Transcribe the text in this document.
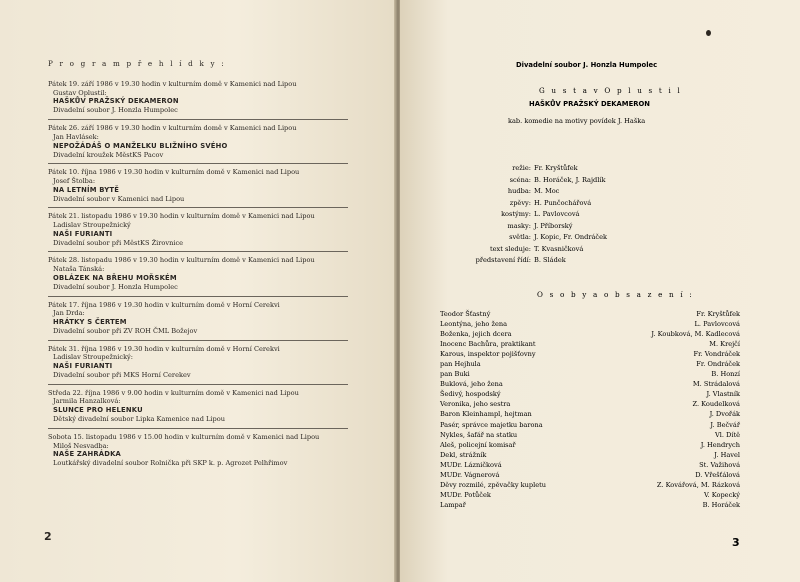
P r o g r a m p ř e h l í d k y :
Pátek 19. září 1986 v 19.30 hodin v kulturním domě v Kamenici nad Lipou
Gustav Oplustil:
HAŠKŮV PRAŽSKÝ DEKAMERON
Divadelní soubor J. Honzla Humpolec
Pátek 26. září 1986 v 19.30 hodin v kulturním domě v Kamenici nad Lipou
Jan Havlásek:
NEPOŽÁDÁŠ O MANŽELKU BLIŽNÍHO SVÉHO
Divadelní kroužek MěstKS Pacov
Pátek 10. října 1986 v 19.30 hodin v kulturním domě v Kamenici nad Lipou
Josef Štolba:
NA LETNÍM BYTĚ
Divadelní soubor v Kamenici nad Lipou
Pátek 21. listopadu 1986 v 19.30 hodin v kulturním domě v Kamenici nad Lipou
Ladislav Stroupežnický
NAŠI FURIANTI
Divadelní soubor při MěstKS Žirovnice
Pátek 28. listopadu 1986 v 19.30 hodin v kulturním domě v Kamenici nad Lipou
Nataša Tánská:
OBLÁZEK NA BŘEHU MOŘSKÉM
Divadelní soubor J. Honzla Humpolec
Pátek 17. října 1986 v 19.30 hodin v kulturním domě v Horní Cerekvi
Jan Drda:
HRÁTKY S ČERTEM
Divadelní soubor při ZV ROH ČML Božejov
Pátek 31. října 1986 v 19.30 hodin v kulturním domě v Horní Cerekvi
Ladislav Stroupežnický:
NAŠI FURIANTI
Divadelní soubor při MKS Horní Cerekev
Středa 22. října 1986 v 9.00 hodin v kulturním domě v Kamenici nad Lipou
Jarmila Hanzalková:
SLUNCE PRO HELENKU
Dětský divadelní soubor Lipka Kamenice nad Lipou
Sobota 15. listopadu 1986 v 15.00 hodin v kulturním domě v Kamenici nad Lipou
Miloš Nesvadba:
NAŠE ZAHRÁDKA
Loutkářský divadelní soubor Rolnička při SKP k. p. Agrozet Pelhřimov
2
Divadelní soubor J. Honzla Humpolec
G u s t a v O p l u s t i l
HAŠKŮV PRAŽSKÝ DEKAMERON
kab. komedie na motivy povídek J. Haška
režie: Fr. Kryštůfek
scéna: B. Horáček, J. Rajdlík
hudba: M. Moc
zpěvy: H. Punčochářová
kostýmy: L. Pavlovcová
masky: J. Příborský
světla: J. Kopic, Fr. Ondráček
text sleduje: T. Kvasničková
představení řídí: B. Sládek
O s o b y a o b s a z e n í :
Teodor Šťastný	Fr. Kryštůfek
Leontýna, jeho žena	L. Pavlovcová
Boženka, jejich dcera	J. Koubková, M. Kadlecová
Inocenc Bachůra, praktikant	M. Krejčí
Karous, inspektor pojišťovny	Fr. Vondráček
pan Hejhula	Fr. Ondráček
pan Buki	B. Honzí
Buklová, jeho žena	M. Strádalová
Šedivý, hospodský	J. Vlastník
Veronika, jeho sestra	Z. Koudelková
Baron Kleinhampl, hejtman	J. Dvořák
Pasér, správce majetku barona	J. Bečvář
Nykles, šafář na statku	Vl. Dítě
Aleš, policejní komisař	J. Hendrych
Dekl, strážník	J. Havel
MUDr. Lázničková	St. Važihová
MUDr. Vágnerová	D. Vřešťálová
Děvy rozmilé, zpěvačky kupletu	Z. Kovářová, M. Rázková
MUDr. Potůček	V. Kopecký
Lampař	B. Horáček
3
